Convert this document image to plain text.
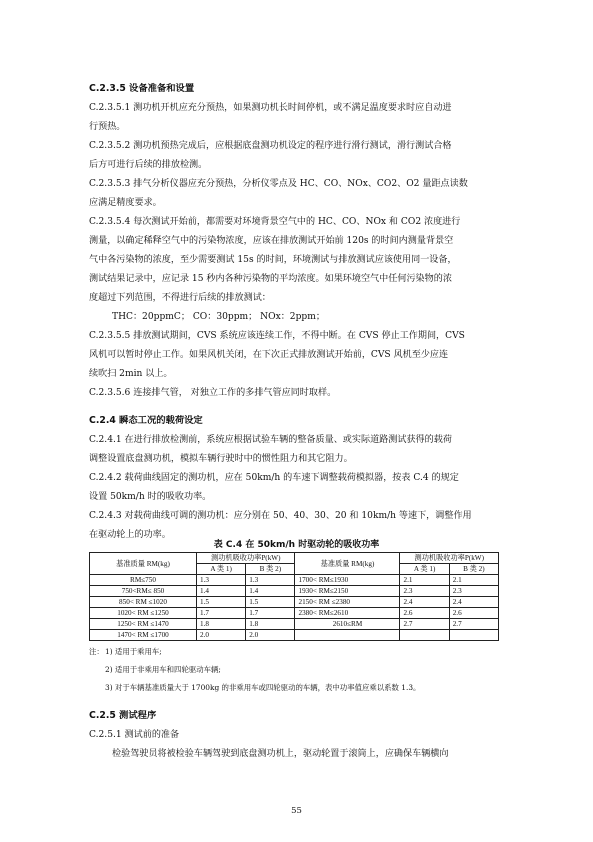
C.2.3.5 设备准备和设置
C.2.3.5.1 测功机开机应充分预热，如果测功机长时间停机，或不满足温度要求时应自动进
行预热。
C.2.3.5.2 测功机预热完成后，应根据底盘测功机设定的程序进行滑行测试，滑行测试合格
后方可进行后续的排放检测。
C.2.3.5.3 排气分析仪器应充分预热，分析仪零点及 HC、CO、NOx、CO2、O2 量距点读数
应满足精度要求。
C.2.3.5.4 每次测试开始前，都需要对环境背景空气中的 HC、CO、NOx 和 CO2 浓度进行
测量，以确定稀释空气中的污染物浓度，应该在排放测试开始前 120s 的时间内测量背景空
气中各污染物的浓度，至少需要测试 15s 的时间，环境测试与排放测试应该使用同一设备，
测试结果记录中，应记录 15 秒内各种污染物的平均浓度。如果环境空气中任何污染物的浓
度超过下列范围，不得进行后续的排放测试：
THC：20ppmC； CO：30ppm； NOx：2ppm；
C.2.3.5.5 排放测试期间，CVS 系统应该连续工作，不得中断。在 CVS 停止工作期间，CVS
风机可以暂时停止工作。如果风机关闭，在下次正式排放测试开始前，CVS 风机至少应连
续吹扫 2min 以上。
C.2.3.5.6 连接排气管， 对独立工作的多排气管应同时取样。
C.2.4 瞬态工况的载荷设定
C.2.4.1 在进行排放检测前，系统应根据试验车辆的整备质量、或实际道路测试获得的载荷
调整设置底盘测功机，模拟车辆行驶时中的惯性阻力和其它阻力。
C.2.4.2 载荷曲线固定的测功机，应在 50km/h 的车速下调整载荷模拟器，按表 C.4 的规定
设置 50km/h 时的吸收功率。
C.2.4.3 对载荷曲线可调的测功机：应分别在 50、40、30、20 和 10km/h 等速下，调整作用
在驱动轮上的功率。
表 C.4 在 50km/h 时驱动轮的吸收功率
基准质量 RM(kg)	测功机吸收功率P(kW)		基准质量 RM(kg)	测功机吸收功率P(kW)	
	A 类 1)	B 类 2)		A 类 1)	B 类 2)
RM≤750	1.3	1.3	1700< RM≤1930	2.1	2.1
750<RM≤ 850	1.4	1.4	1930< RM≤2150	2.3	2.3
850< RM ≤1020	1.5	1.5	2150< RM ≤2380	2.4	2.4
1020< RM ≤1250	1.7	1.7	2380< RM≤2610	2.6	2.6
1250< RM ≤1470	1.8	1.8	2610≤RM	2.7	2.7
1470< RM ≤1700	2.0	2.0			
注： 1) 适用于乘用车;
2) 适用于非乘用车和四轮驱动车辆;
3) 对于车辆基准质量大于 1700kg 的非乘用车或四轮驱动的车辆，表中功率值应乘以系数 1.3。
C.2.5 测试程序
C.2.5.1 测试前的准备
检验驾驶员将被检验车辆驾驶到底盘测功机上，驱动轮置于滚筒上，应确保车辆横向
55
